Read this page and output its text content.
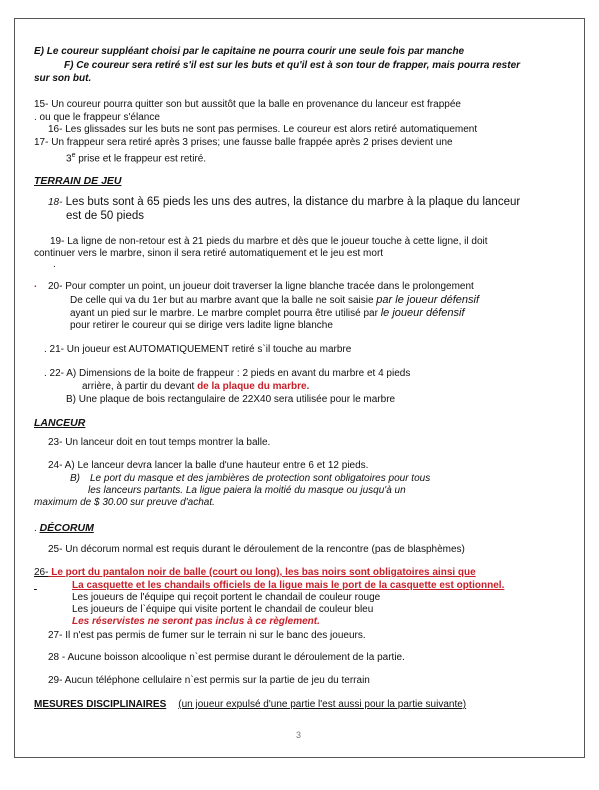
E) Le coureur suppléant choisi par le capitaine ne pourra courir une seule fois par manche
F) Ce coureur sera retiré s'il est sur les buts et qu'il est à son tour de frapper, mais pourra rester
sur son but.
15- Un coureur pourra quitter son but aussitôt que la balle en provenance du lanceur est frappée
. ou que le frappeur s'élance
16- Les glissades sur les buts ne sont pas permises. Le coureur est alors retiré automatiquement
17- Un frappeur sera retiré après 3 prises; une fausse balle frappée après 2 prises devient une
3e prise et le frappeur est retiré.
TERRAIN DE JEU
18- Les buts sont à 65 pieds les uns des autres, la distance du marbre à la plaque du lanceur
est de 50 pieds
19- La ligne de non-retour est à 21 pieds du marbre et dès que le joueur touche à cette ligne, il doit
continuer vers le marbre, sinon il sera retiré automatiquement et le jeu est mort
.
. 20- Pour compter un point, un joueur doit traverser la ligne blanche tracée dans le prolongement
De celle qui va du 1er but au marbre avant que la balle ne soit saisie par le joueur défensif
ayant un pied sur le marbre. Le marbre complet pourra être utilisé par le joueur défensif
pour retirer le coureur qui se dirige vers ladite ligne blanche
. 21- Un joueur est AUTOMATIQUEMENT retiré s`il touche au marbre
. 22- A) Dimensions de la boite de frappeur : 2 pieds en avant du marbre et 4 pieds
arrière, à partir du devant de la plaque du marbre.
B) Une plaque de bois rectangulaire de 22X40 sera utilisée pour le marbre
LANCEUR
23- Un lanceur doit en tout temps montrer la balle.
24- A) Le lanceur devra lancer la balle d'une hauteur entre 6 et 12 pieds.
B) Le port du masque et des jambières de protection sont obligatoires pour tous
les lanceurs partants. La ligue paiera la moitié du masque ou jusqu'à un
maximum de $ 30.00 sur preuve d'achat.
. DÉCORUM
25- Un décorum normal est requis durant le déroulement de la rencontre (pas de blasphèmes)
26- Le port du pantalon noir de balle (court ou long), les bas noirs sont obligatoires ainsi que
La casquette et les chandails officiels de la ligue mais le port de la casquette est optionnel.
Les joueurs de l'équipe qui reçoit portent le chandail de couleur rouge
Les joueurs de l`équipe qui visite portent le chandail de couleur bleu
Les réservistes ne seront pas inclus à ce règlement.
27- Il n'est pas permis de fumer sur le terrain ni sur le banc des joueurs.
28 - Aucune boisson alcoolique n`est permise durant le déroulement de la partie.
29- Aucun téléphone cellulaire n`est permis sur la partie de jeu du terrain
MESURES DISCIPLINAIRES (un joueur expulsé d'une partie l'est aussi pour la partie suivante)
3
